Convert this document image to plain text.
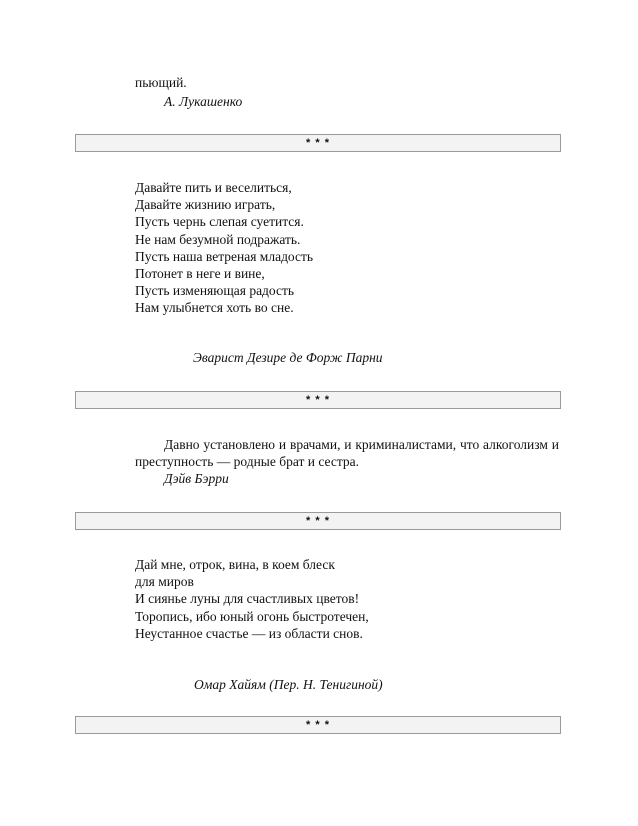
пьющий.
А. Лукашенко
* * *
Давайте пить и веселиться,
Давайте жизнию играть,
Пусть чернь слепая суетится.
Не нам безумной подражать.
Пусть наша ветреная младость
Потонет в неге и вине,
Пусть изменяющая радость
Нам улыбнется хоть во сне.
Эварист Дезире де Форж Парни
* * *
Давно установлено и врачами, и криминалистами, что алкоголизм и преступность — родные брат и сестра.
Дэйв Бэрри
* * *
Дай мне, отрок, вина, в коем блеск
для миров
И сиянье луны для счастливых цветов!
Торопись, ибо юный огонь быстротечен,
Неустанное счастье — из области снов.
Омар Хайям (Пер. Н. Тенигиной)
* * *
